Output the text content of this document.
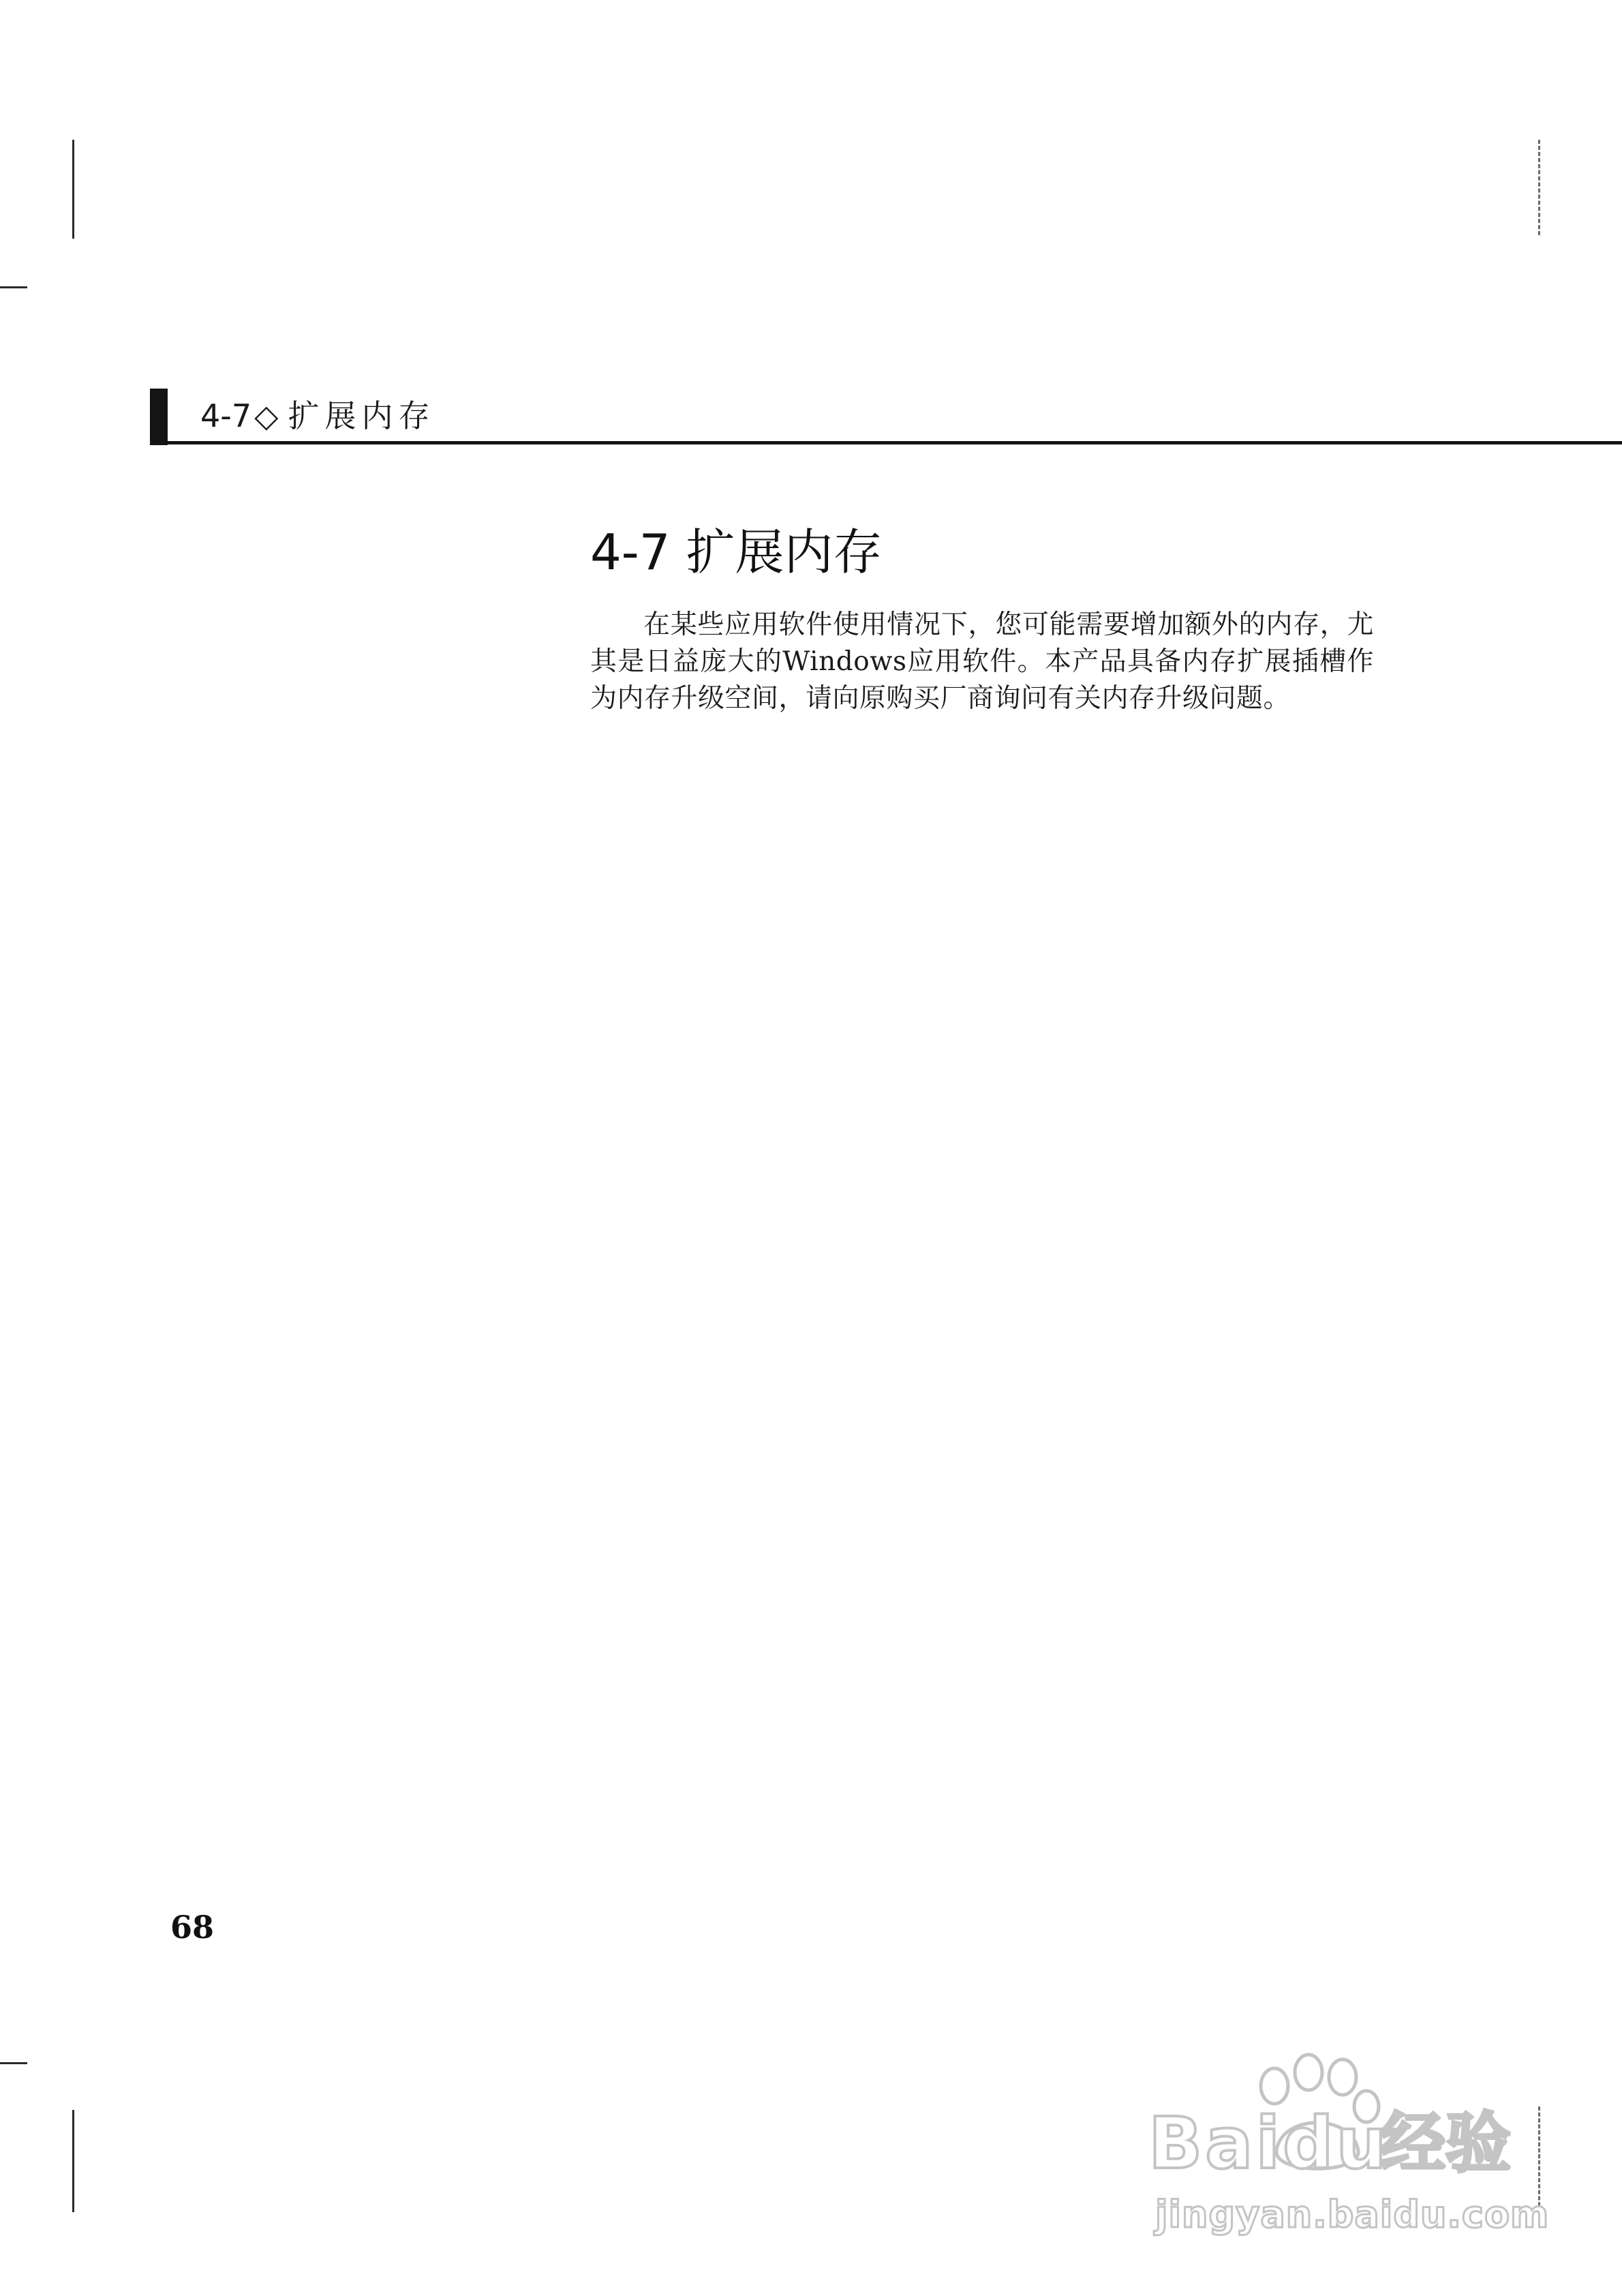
4-7◇ 扩展内存
4-7 扩展内存

在某些应用软件使用情况下，您可能需要增加额外的内存，尤其是日益庞大的Windows应用软件。本产品具备内存扩展插槽作为内存升级空间，请向原购买厂商询问有关内存升级问题。

68
Baidu
经验
jingyan.baidu.com
